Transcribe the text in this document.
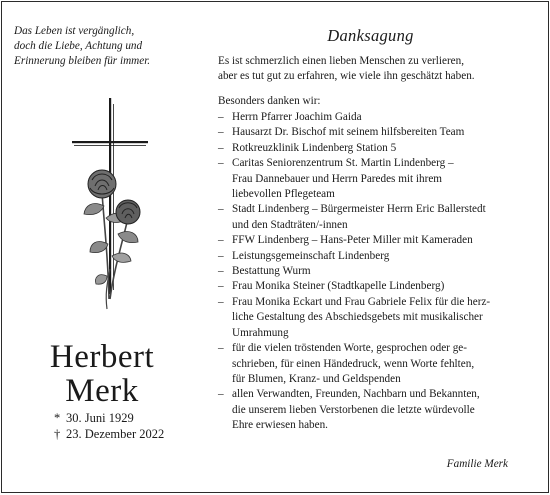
Das Leben ist vergänglich,
doch die Liebe, Achtung und
Erinnerung bleiben für immer.
Herbert
Merk
* 30. Juni 1929
† 23. Dezember 2022
Danksagung
Es ist schmerzlich einen lieben Menschen zu verlieren,
aber es tut gut zu erfahren, wie viele ihn geschätzt haben.
Besonders danken wir:
– Herrn Pfarrer Joachim Gaida
– Hausarzt Dr. Bischof mit seinem hilfsbereiten Team
– Rotkreuzklinik Lindenberg Station 5
– Caritas Seniorenzentrum St. Martin Lindenberg –
Frau Dannebauer und Herrn Paredes mit ihrem
liebevollen Pflegeteam
– Stadt Lindenberg – Bürgermeister Herrn Eric Ballerstedt
und den Stadträten/-innen
– FFW Lindenberg – Hans-Peter Miller mit Kameraden
– Leistungsgemeinschaft Lindenberg
– Bestattung Wurm
– Frau Monika Steiner (Stadtkapelle Lindenberg)
– Frau Monika Eckart und Frau Gabriele Felix für die herz-
liche Gestaltung des Abschiedsgebets mit musikalischer
Umrahmung
– für die vielen tröstenden Worte, gesprochen oder ge-
schrieben, für einen Händedruck, wenn Worte fehlten,
für Blumen, Kranz- und Geldspenden
– allen Verwandten, Freunden, Nachbarn und Bekannten,
die unserem lieben Verstorbenen die letzte würdevolle
Ehre erwiesen haben.
Familie Merk
